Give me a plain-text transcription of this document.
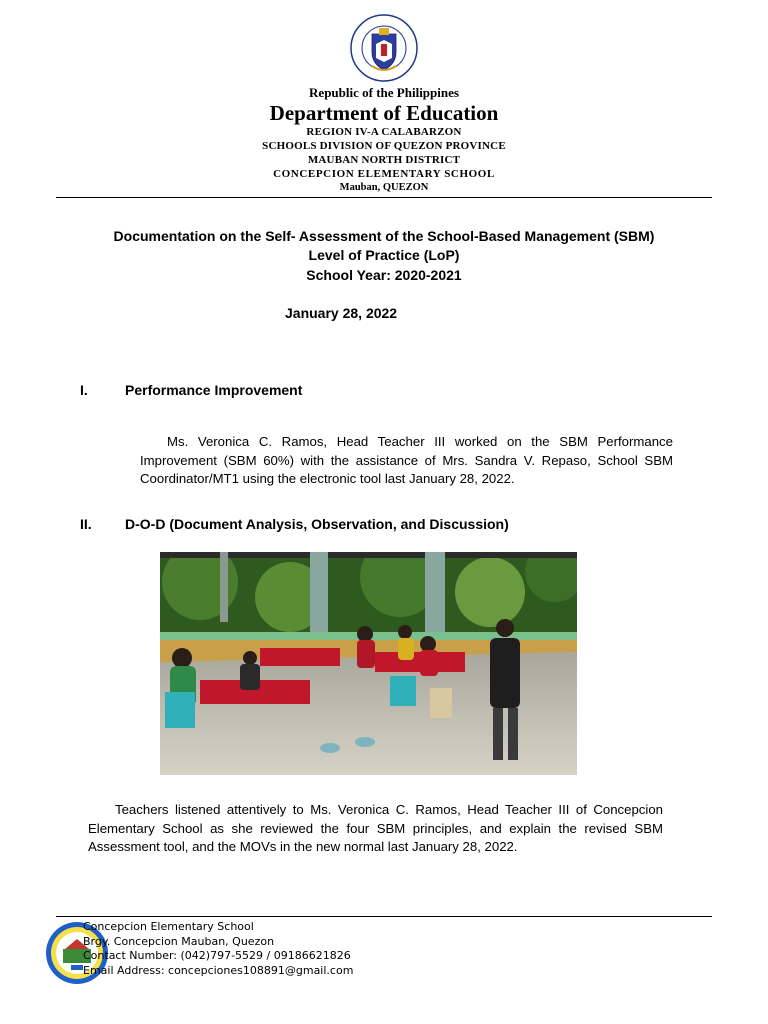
Republic of the Philippines
Department of Education
REGION IV-A CALABARZON
SCHOOLS DIVISION OF QUEZON PROVINCE
MAUBAN NORTH DISTRICT
CONCEPCION ELEMENTARY SCHOOL
Mauban, QUEZON
Documentation on the Self- Assessment of the School-Based Management (SBM)
Level of Practice (LoP)
School Year: 2020-2021
January 28, 2022
I.	Performance Improvement
Ms. Veronica C. Ramos, Head Teacher III worked on the SBM Performance Improvement (SBM 60%) with the assistance of Mrs. Sandra V. Repaso, School SBM Coordinator/MT1 using the electronic tool last January 28, 2022.
II. D-O-D (Document Analysis, Observation, and Discussion)
Teachers listened attentively to Ms. Veronica C. Ramos, Head Teacher III of Concepcion Elementary School as she reviewed the four SBM principles, and explain the revised SBM Assessment tool, and the MOVs in the new normal last January 28, 2022.
Concepcion Elementary School
Brgy. Concepcion Mauban, Quezon
Contact Number: (042)797-5529 / 09186621826
Email Address: concepciones108891@gmail.com
